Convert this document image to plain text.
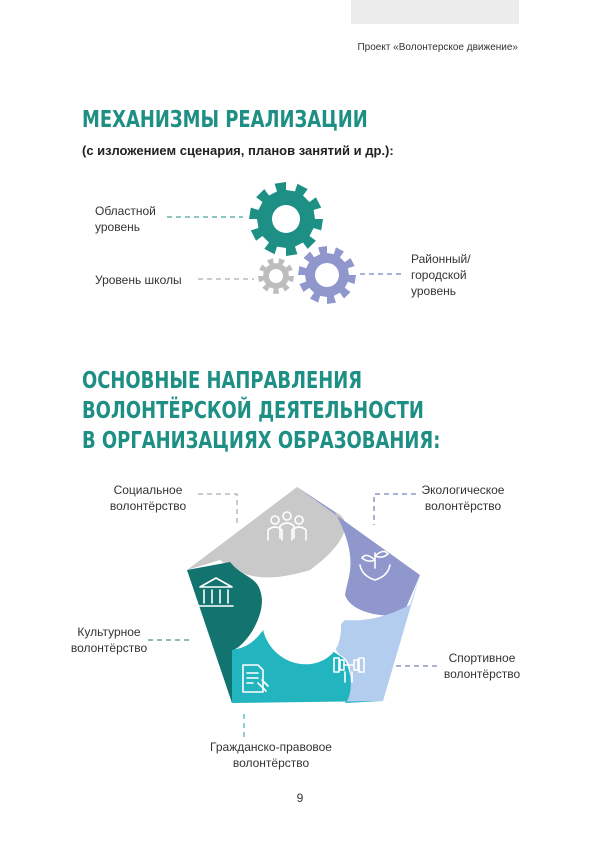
Проект «Волонтерское движение»
МЕХАНИЗМЫ РЕАЛИЗАЦИИ
(с изложением сценария, планов занятий и др.):
Областной
уровень
Уровень школы
Районный/
городской
уровень
ОСНОВНЫЕ НАПРАВЛЕНИЯ
ВОЛОНТЁРСКОЙ ДЕЯТЕЛЬНОСТИ
В ОРГАНИЗАЦИЯХ ОБРАЗОВАНИЯ:
Социальное
волонтёрство
Экологическое
волонтёрство
Спортивное
волонтёрство
Гражданско-правовое
волонтёрство
Культурное
волонтёрство
9
